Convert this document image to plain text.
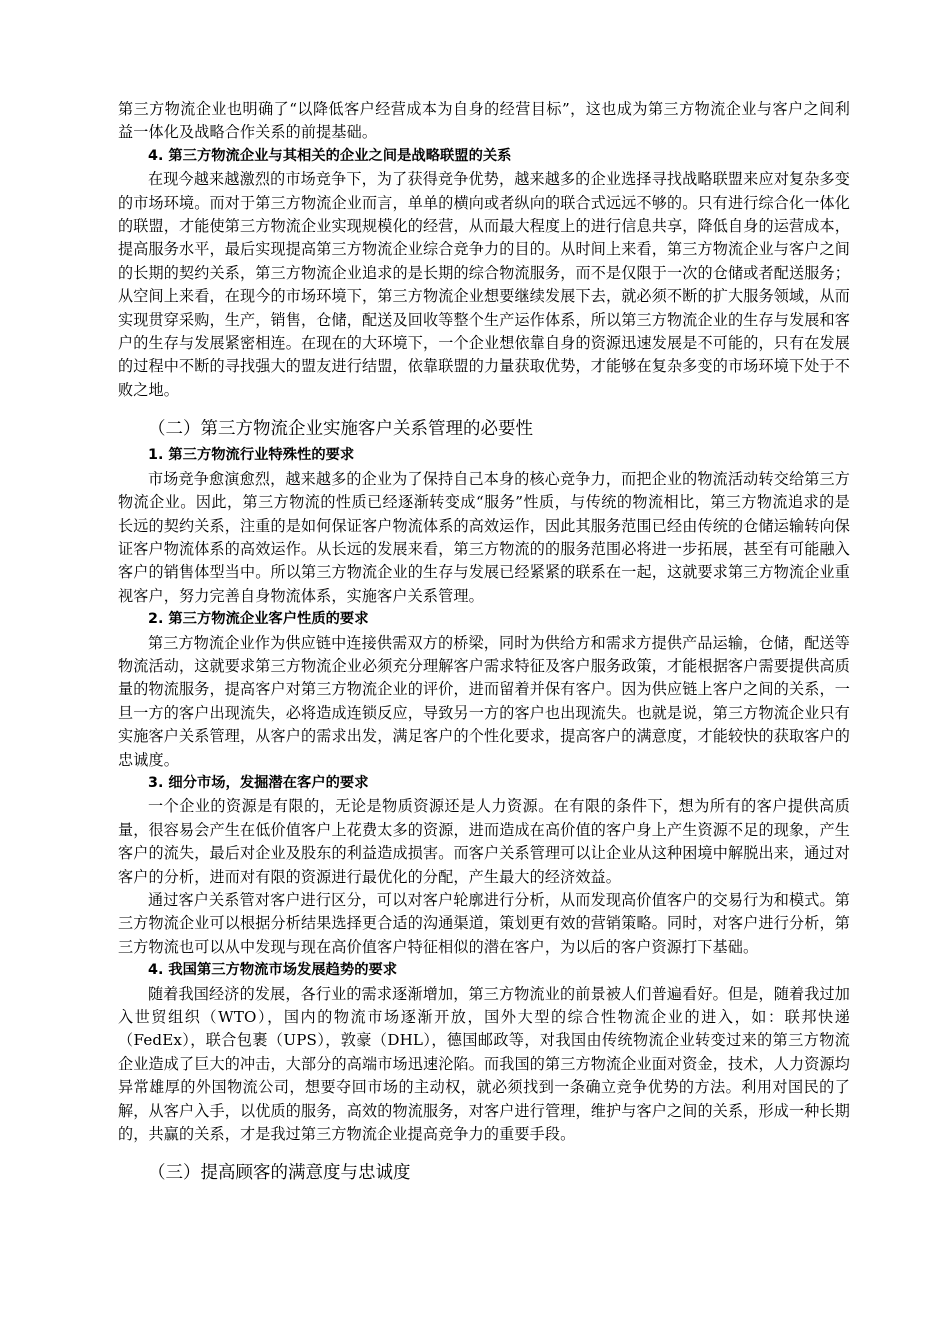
第三方物流企业也明确了“以降低客户经营成本为自身的经营目标”，这也成为第三方物流企业与客户之间利益一体化及战略合作关系的前提基础。

4. 第三方物流企业与其相关的企业之间是战略联盟的关系

在现今越来越激烈的市场竞争下，为了获得竞争优势，越来越多的企业选择寻找战略联盟来应对复杂多变的市场环境。而对于第三方物流企业而言，单单的横向或者纵向的联合式远远不够的。只有进行综合化一体化的联盟，才能使第三方物流企业实现规模化的经营，从而最大程度上的进行信息共享，降低自身的运营成本，提高服务水平，最后实现提高第三方物流企业综合竞争力的目的。从时间上来看，第三方物流企业与客户之间的长期的契约关系，第三方物流企业追求的是长期的综合物流服务，而不是仅限于一次的仓储或者配送服务；从空间上来看，在现今的市场环境下，第三方物流企业想要继续发展下去，就必须不断的扩大服务领域，从而实现贯穿采购，生产，销售，仓储，配送及回收等整个生产运作体系，所以第三方物流企业的生存与发展和客户的生存与发展紧密相连。在现在的大环境下，一个企业想依靠自身的资源迅速发展是不可能的，只有在发展的过程中不断的寻找强大的盟友进行结盟，依靠联盟的力量获取优势，才能够在复杂多变的市场环境下处于不败之地。

（二）第三方物流企业实施客户关系管理的必要性
1. 第三方物流行业特殊性的要求

市场竞争愈演愈烈，越来越多的企业为了保持自己本身的核心竞争力，而把企业的物流活动转交给第三方物流企业。因此，第三方物流的性质已经逐渐转变成“服务”性质，与传统的物流相比，第三方物流追求的是长远的契约关系，注重的是如何保证客户物流体系的高效运作，因此其服务范围已经由传统的仓储运输转向保证客户物流体系的高效运作。从长远的发展来看，第三方物流的的服务范围必将进一步拓展，甚至有可能融入客户的销售体型当中。所以第三方物流企业的生存与发展已经紧紧的联系在一起，这就要求第三方物流企业重视客户，努力完善自身物流体系，实施客户关系管理。

2. 第三方物流企业客户性质的要求

第三方物流企业作为供应链中连接供需双方的桥梁，同时为供给方和需求方提供产品运输，仓储，配送等物流活动，这就要求第三方物流企业必须充分理解客户需求特征及客户服务政策，才能根据客户需要提供高质量的物流服务，提高客户对第三方物流企业的评价，进而留着并保有客户。因为供应链上客户之间的关系，一旦一方的客户出现流失，必将造成连锁反应，导致另一方的客户也出现流失。也就是说，第三方物流企业只有实施客户关系管理，从客户的需求出发，满足客户的个性化要求，提高客户的满意度，才能较快的获取客户的忠诚度。

3. 细分市场，发掘潜在客户的要求

一个企业的资源是有限的，无论是物质资源还是人力资源。在有限的条件下，想为所有的客户提供高质量，很容易会产生在低价值客户上花费太多的资源，进而造成在高价值的客户身上产生资源不足的现象，产生客户的流失，最后对企业及股东的利益造成损害。而客户关系管理可以让企业从这种困境中解脱出来，通过对客户的分析，进而对有限的资源进行最优化的分配，产生最大的经济效益。

通过客户关系管对客户进行区分，可以对客户轮廓进行分析，从而发现高价值客户的交易行为和模式。第三方物流企业可以根据分析结果选择更合适的沟通渠道，策划更有效的营销策略。同时，对客户进行分析，第三方物流也可以从中发现与现在高价值客户特征相似的潜在客户，为以后的客户资源打下基础。

4. 我国第三方物流市场发展趋势的要求

随着我国经济的发展，各行业的需求逐渐增加，第三方物流业的前景被人们普遍看好。但是，随着我过加入世贸组织（WTO），国内的物流市场逐渐开放，国外大型的综合性物流企业的进入，如：联邦快递（FedEx），联合包裹（UPS），敦豪（DHL），德国邮政等，对我国由传统物流企业转变过来的第三方物流企业造成了巨大的冲击，大部分的高端市场迅速沦陷。而我国的第三方物流企业面对资金，技术，人力资源均异常雄厚的外国物流公司，想要夺回市场的主动权，就必须找到一条确立竞争优势的方法。利用对国民的了解，从客户入手，以优质的服务，高效的物流服务，对客户进行管理，维护与客户之间的关系，形成一种长期的，共赢的关系，才是我过第三方物流企业提高竞争力的重要手段。

（三）提高顾客的满意度与忠诚度
